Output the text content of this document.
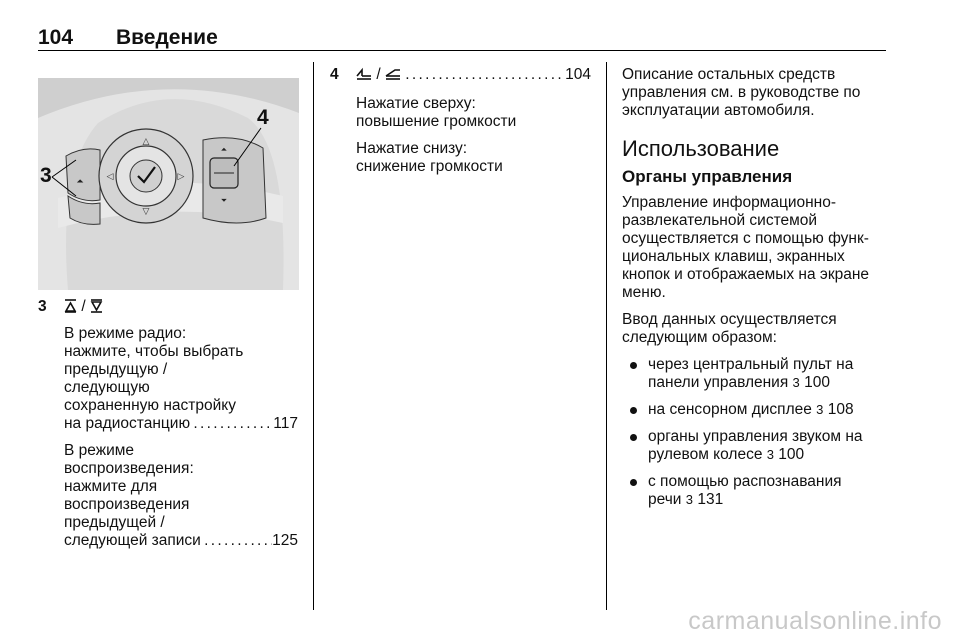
104 Введение
⏶
△
▽
◁	▷
⏶
⏷
3
4
3	/

В режиме радио:

нажмите, чтобы выбрать

предыдущую /

следующую

сохраненную настройку

на радиостанцию . . .	117

В режиме

воспроизведения:

нажмите для

воспроизведения

предыдущей /

следующей записи . . .	125
4	/  . . .	104

Нажатие сверху:

повышение громкости

Нажатие снизу:

снижение громкости

Описание остальных средств

управления см. в руководстве по

эксплуатации автомобиля.

Использование
Органы управления

Управление информационно-

развлекательной системой

осуществляется с помощью функ-

циональных клавиш, экранных

кнопок и отображаемых на экране

меню.

Ввод данных осуществляется

следующим образом:

через центральный пульт на
панели управления 3 100
на сенсорном дисплее 3 108
органы управления звуком на
рулевом колесе 3 100
с помощью распознавания
речи 3 131
carmanualsonline.info
